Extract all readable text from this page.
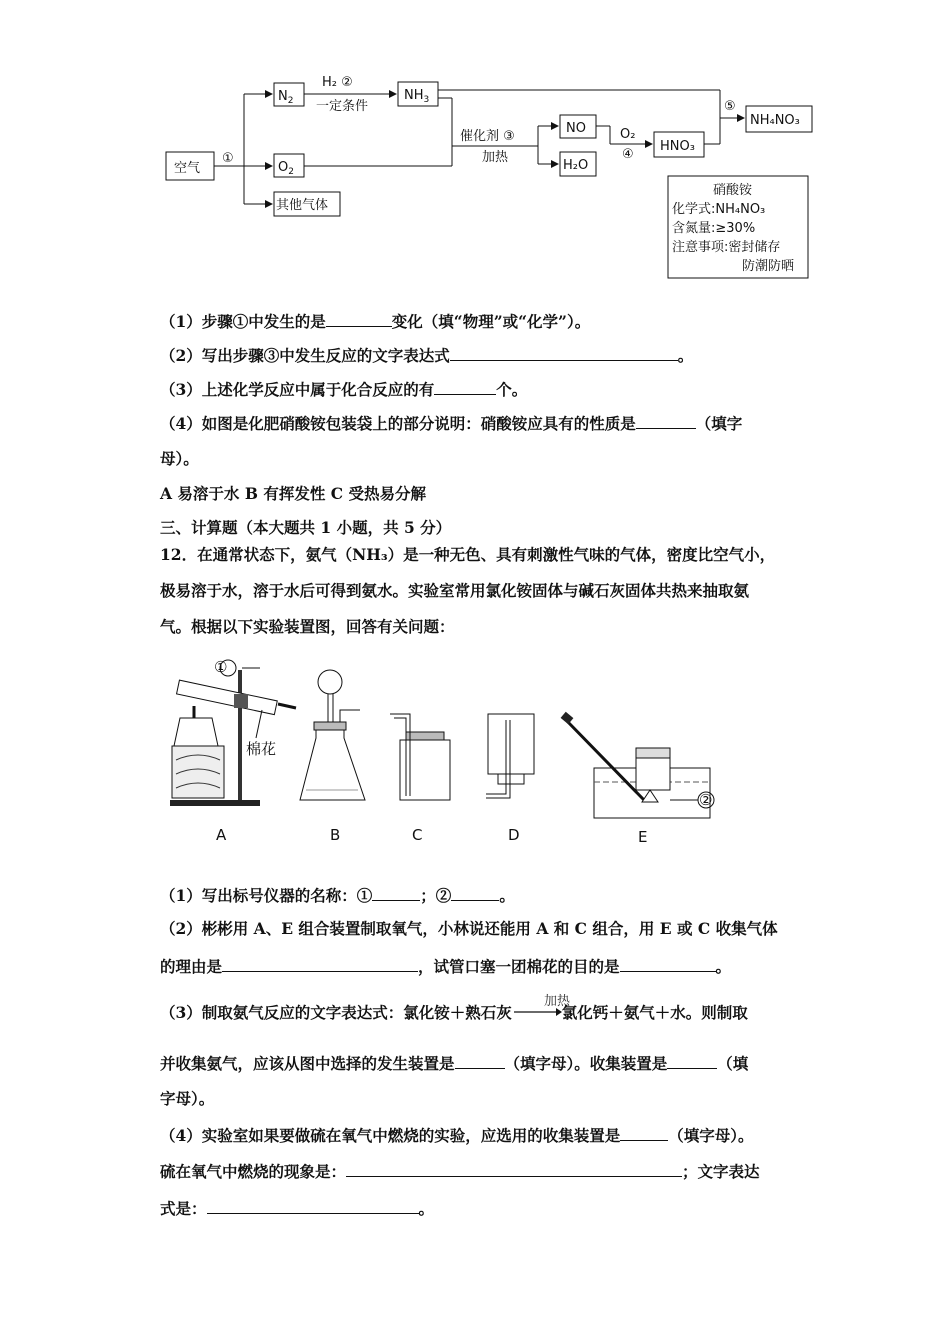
空气
①
$N_2$
$O_2$
其他气体
H₂ ②
一定条件
$NH_3$
催化剂 ③
加热
NO
H₂O
O₂
④
HNO₃
⑤
NH₄NO₃
硝酸铵
化学式:NH₄NO₃
含氮量:≥30%
注意事项:密封储存
防潮防晒
（1）步骤①中发生的是	变化（填“物理”或“化学”）。
（2）写出步骤③中发生反应的文字表达式	。
（3）上述化学反应中属于化合反应的有	个。
（4）如图是化肥硝酸铵包装袋上的部分说明：硝酸铵应具有的性质是	（填字
母）。
A 易溶于水 B 有挥发性 C 受热易分解
三、计算题（本大题共 1 小题，共 5 分）
12．在通常状态下，氨气（NH₃）是一种无色、具有刺激性气味的气体，密度比空气小，
极易溶于水，溶于水后可得到氨水。实验室常用氯化铵固体与碱石灰固体共热来抽取氨
气。根据以下实验装置图，回答有关问题：
①
棉花
②
A	B	C	D	E
（1）写出标号仪器的名称：①	；②	。
（2）彬彬用 A、E 组合装置制取氧气，小林说还能用 A 和 C 组合，用 E 或 C 收集气体
的理由是	，试管口塞一团棉花的目的是	。
加热
（3）制取氨气反应的文字表达式：氯化铵＋熟石灰→氯化钙＋氨气＋水。则制取
并收集氨气，应该从图中选择的发生装置是	（填字母）。收集装置是	（填
字母）。
（4）实验室如果要做硫在氧气中燃烧的实验，应选用的收集装置是	（填字母）。
硫在氧气中燃烧的现象是：	；文字表达
式是：	。
